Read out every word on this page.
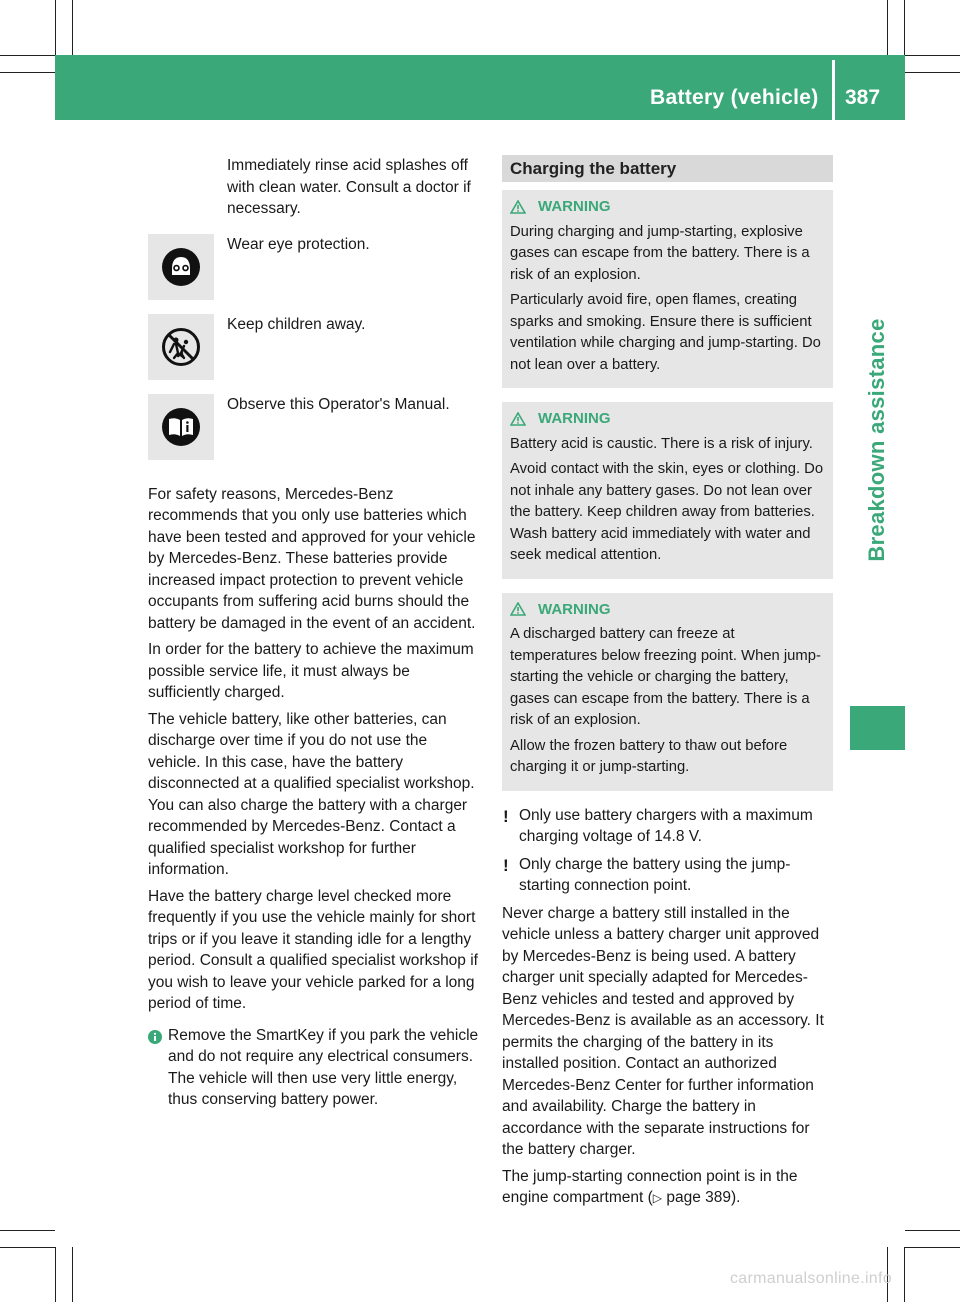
Battery (vehicle) 387
Breakdown assistance

Immediately rinse acid splashes off with clean water. Consult a doctor if necessary.

Wear eye protection.
Keep children away.
Observe this Operator's Manual.

For safety reasons, Mercedes-Benz recommends that you only use batteries which have been tested and approved for your vehicle by Mercedes-Benz. These batteries provide increased impact protection to prevent vehicle occupants from suffering acid burns should the battery be damaged in the event of an accident.

In order for the battery to achieve the maximum possible service life, it must always be sufficiently charged.

The vehicle battery, like other batteries, can discharge over time if you do not use the vehicle. In this case, have the battery disconnected at a qualified specialist workshop. You can also charge the battery with a charger recommended by Mercedes-Benz. Contact a qualified specialist workshop for further information.

Have the battery charge level checked more frequently if you use the vehicle mainly for short trips or if you leave it standing idle for a lengthy period. Consult a qualified specialist workshop if you wish to leave your vehicle parked for a long period of time.

Remove the SmartKey if you park the vehicle and do not require any electrical consumers. The vehicle will then use very little energy, thus conserving battery power.
Charging the battery
WARNING

During charging and jump-starting, explosive gases can escape from the battery. There is a risk of an explosion.

Particularly avoid fire, open flames, creating sparks and smoking. Ensure there is sufficient ventilation while charging and jump-starting. Do not lean over a battery.

WARNING

Battery acid is caustic. There is a risk of injury.

Avoid contact with the skin, eyes or clothing. Do not inhale any battery gases. Do not lean over the battery. Keep children away from batteries. Wash battery acid immediately with water and seek medical attention.

WARNING

A discharged battery can freeze at temperatures below freezing point. When jump-starting the vehicle or charging the battery, gases can escape from the battery. There is a risk of an explosion.

Allow the frozen battery to thaw out before charging it or jump-starting.

! Only use battery chargers with a maximum charging voltage of 14.8 V.
! Only charge the battery using the jump-starting connection point.

Never charge a battery still installed in the vehicle unless a battery charger unit approved by Mercedes-Benz is being used. A battery charger unit specially adapted for Mercedes-Benz vehicles and tested and approved by Mercedes-Benz is available as an accessory. It permits the charging of the battery in its installed position. Contact an authorized Mercedes-Benz Center for further information and availability. Charge the battery in accordance with the separate instructions for the battery charger.

The jump-starting connection point is in the engine compartment (▷ page 389).

carmanualsonline.info
